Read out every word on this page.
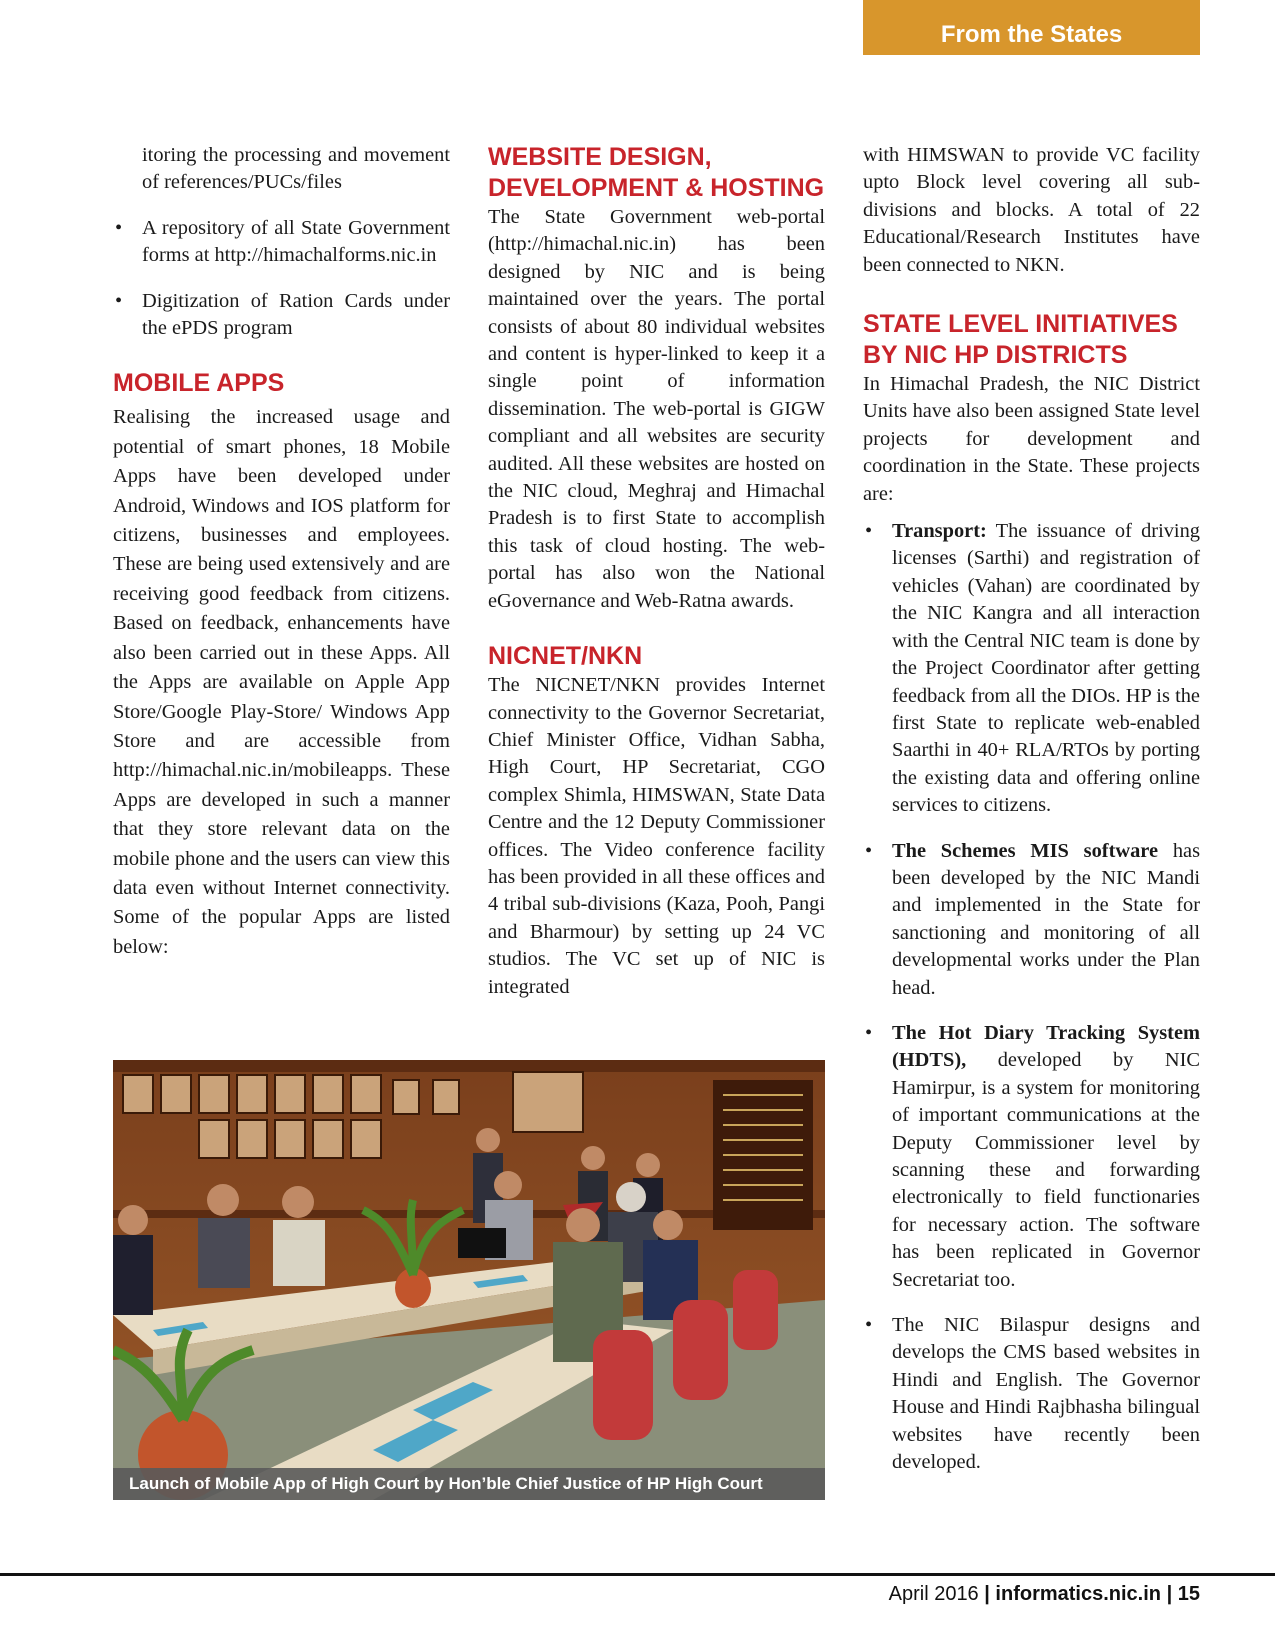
From the States

itoring the processing and movement of references/PUCs/files

• A repository of all State Government forms at http://himachalforms.nic.in
• Digitization of Ration Cards under the ePDS program
MOBILE APPS

Realising the increased usage and potential of smart phones, 18 Mobile Apps have been developed under Android, Windows and IOS platform for citizens, businesses and employees. These are being used extensively and are receiving good feedback from citizens. Based on feedback, enhancements have also been carried out in these Apps. All the Apps are available on Apple App Store/Google Play-Store/ Windows App Store and are accessible from http://himachal.nic.in/mobileapps. These Apps are developed in such a manner that they store relevant data on the mobile phone and the users can view this data even without Internet connectivity. Some of the popular Apps are listed below:

WEBSITE DESIGN, DEVELOPMENT & HOSTING

The State Government web-portal (http://himachal.nic.in) has been designed by NIC and is being maintained over the years. The portal consists of about 80 individual websites and content is hyper-linked to keep it a single point of information dissemination. The web-portal is GIGW compliant and all websites are security audited. All these websites are hosted on the NIC cloud, Meghraj and Himachal Pradesh is to first State to accomplish this task of cloud hosting. The web-portal has also won the National eGovernance and Web-Ratna awards.

NICNET/NKN

The NICNET/NKN provides Internet connectivity to the Governor Secretariat, Chief Minister Office, Vidhan Sabha, High Court, HP Secretariat, CGO complex Shimla, HIMSWAN, State Data Centre and the 12 Deputy Commissioner offices. The Video conference facility has been provided in all these offices and 4 tribal sub-divisions (Kaza, Pooh, Pangi and Bharmour) by setting up 24 VC studios. The VC set up of NIC is integrated

with HIMSWAN to provide VC facility upto Block level covering all sub-divisions and blocks. A total of 22 Educational/Research Institutes have been connected to NKN.

STATE LEVEL INITIATIVES BY NIC HP DISTRICTS

In Himachal Pradesh, the NIC District Units have also been assigned State level projects for development and coordination in the State. These projects are:

• Transport: The issuance of driving licenses (Sarthi) and registration of vehicles (Vahan) are coordinated by the NIC Kangra and all interaction with the Central NIC team is done by the Project Coordinator after getting feedback from all the DIOs. HP is the first State to replicate web-enabled Saarthi in 40+ RLA/RTOs by porting the existing data and offering online services to citizens.
• The Schemes MIS software has been developed by the NIC Mandi and implemented in the State for sanctioning and monitoring of all developmental works under the Plan head.
• The Hot Diary Tracking System (HDTS), developed by NIC Hamirpur, is a system for monitoring of important communications at the Deputy Commissioner level by scanning these and forwarding electronically to field functionaries for necessary action. The software has been replicated in Governor Secretariat too.
• The NIC Bilaspur designs and develops the CMS based websites in Hindi and English. The Governor House and Hindi Rajbhasha bilingual websites have recently been developed.
Launch of Mobile App of High Court by Hon’ble Chief Justice of HP High Court
April 2016 | informatics.nic.in | 15
